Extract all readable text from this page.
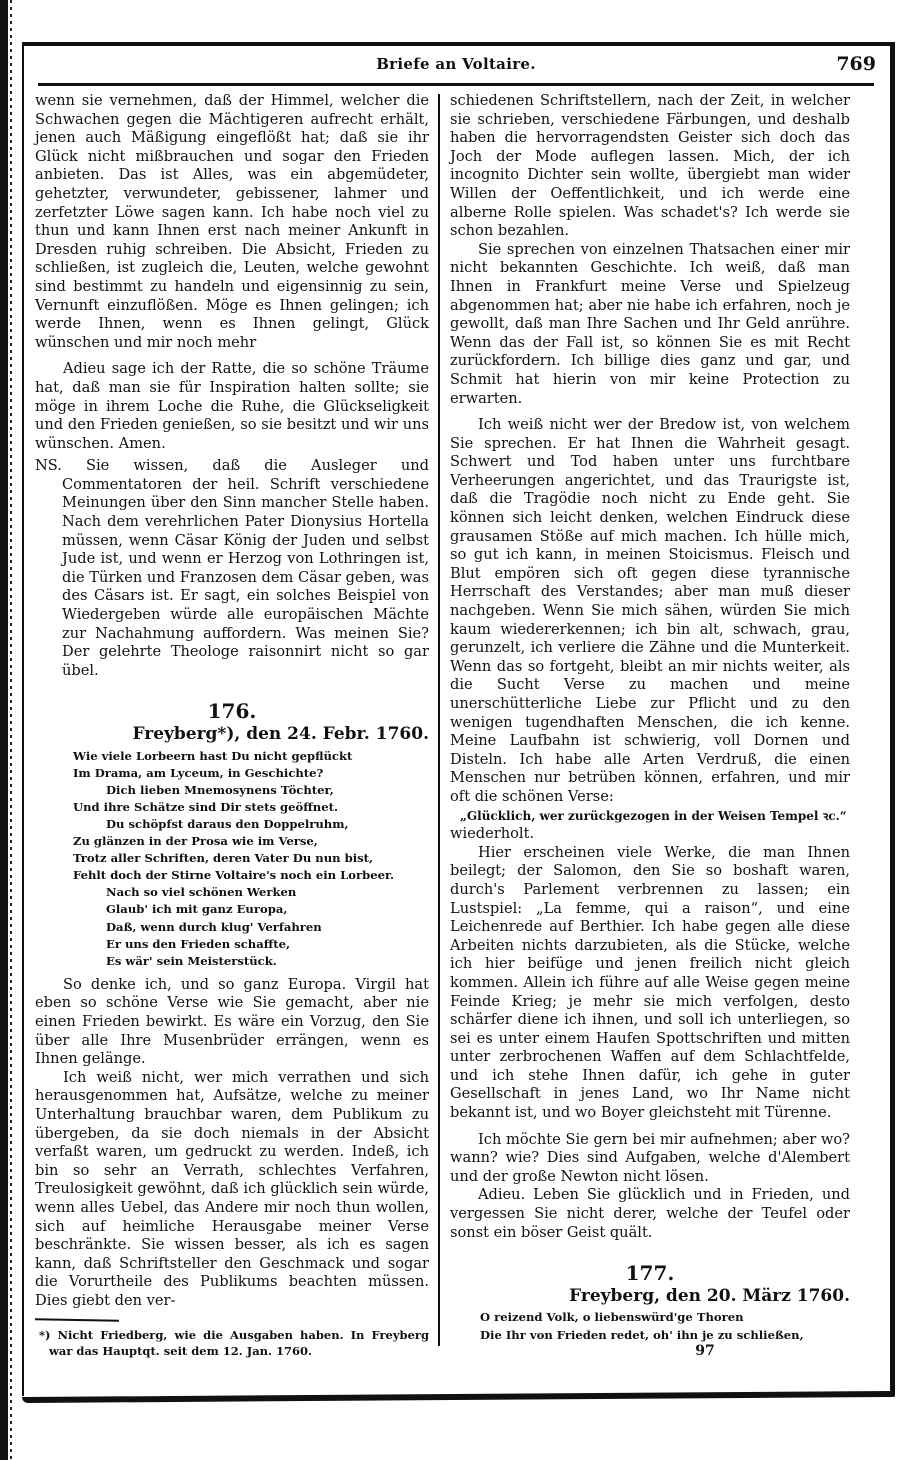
Briefe an Voltaire.	769

wenn sie vernehmen, daß der Himmel, welcher die Schwachen gegen die Mächtigeren aufrecht erhält, jenen auch Mäßigung eingeflößt hat; daß sie ihr Glück nicht mißbrauchen und sogar den Frieden anbieten. Das ist Alles, was ein abgemüdeter, gehetzter, verwundeter, gebissener, lahmer und zerfetzter Löwe sagen kann. Ich habe noch viel zu thun und kann Ihnen erst nach meiner Ankunft in Dresden ruhig schreiben. Die Absicht, Frieden zu schließen, ist zugleich die, Leuten, welche gewohnt sind bestimmt zu handeln und eigensinnig zu sein, Vernunft einzuflößen. Möge es Ihnen gelingen; ich werde Ihnen, wenn es Ihnen gelingt, Glück wünschen und mir noch mehr

Adieu sage ich der Ratte, die so schöne Träume hat, daß man sie für Inspiration halten sollte; sie möge in ihrem Loche die Ruhe, die Glückseligkeit und den Frieden genießen, so sie besitzt und wir uns wünschen. Amen.

NS. Sie wissen, daß die Ausleger und Commentatoren der heil. Schrift verschiedene Meinungen über den Sinn mancher Stelle haben. Nach dem verehrlichen Pater Dionysius Hortella müssen, wenn Cäsar König der Juden und selbst Jude ist, und wenn er Herzog von Lothringen ist, die Türken und Franzosen dem Cäsar geben, was des Cäsars ist. Er sagt, ein solches Beispiel von Wiedergeben würde alle europäischen Mächte zur Nachahmung auffordern. Was meinen Sie? Der gelehrte Theologe raisonnirt nicht so gar übel.

176.

Freyberg*), den 24. Febr. 1760.

Wie viele Lorbeern hast Du nicht gepflückt
Im Drama, am Lyceum, in Geschichte?
Dich lieben Mnemosynens Töchter,
Und ihre Schätze sind Dir stets geöffnet.
Du schöpfst daraus den Doppelruhm,
Zu glänzen in der Prosa wie im Verse,
Trotz aller Schriften, deren Vater Du nun bist,
Fehlt doch der Stirne Voltaire's noch ein Lorbeer.
Nach so viel schönen Werken
Glaub' ich mit ganz Europa,
Daß, wenn durch klug' Verfahren
Er uns den Frieden schaffte,
Es wär' sein Meisterstück.

So denke ich, und so ganz Europa. Virgil hat eben so schöne Verse wie Sie gemacht, aber nie einen Frieden bewirkt. Es wäre ein Vorzug, den Sie über alle Ihre Musenbrüder errängen, wenn es Ihnen gelänge.

Ich weiß nicht, wer mich verrathen und sich herausgenommen hat, Aufsätze, welche zu meiner Unterhaltung brauchbar waren, dem Publikum zu übergeben, da sie doch niemals in der Absicht verfaßt waren, um gedruckt zu werden. Indeß, ich bin so sehr an Verrath, schlechtes Verfahren, Treulosigkeit gewöhnt, daß ich glücklich sein würde, wenn alles Uebel, das Andere mir noch thun wollen, sich auf heimliche Herausgabe meiner Verse beschränkte. Sie wissen besser, als ich es sagen kann, daß Schriftsteller den Geschmack und sogar die Vorurtheile des Publikums beachten müssen. Dies giebt den ver-

*) Nicht Friedberg, wie die Ausgaben haben. In Freyberg war das Hauptqt. seit dem 12. Jan. 1760.

schiedenen Schriftstellern, nach der Zeit, in welcher sie schrieben, verschiedene Färbungen, und deshalb haben die hervorragendsten Geister sich doch das Joch der Mode auflegen lassen. Mich, der ich incognito Dichter sein wollte, übergiebt man wider Willen der Oeffentlichkeit, und ich werde eine alberne Rolle spielen. Was schadet's? Ich werde sie schon bezahlen.

Sie sprechen von einzelnen Thatsachen einer mir nicht bekannten Geschichte. Ich weiß, daß man Ihnen in Frankfurt meine Verse und Spielzeug abgenommen hat; aber nie habe ich erfahren, noch je gewollt, daß man Ihre Sachen und Ihr Geld anrühre. Wenn das der Fall ist, so können Sie es mit Recht zurückfordern. Ich billige dies ganz und gar, und Schmit hat hierin von mir keine Protection zu erwarten.

Ich weiß nicht wer der Bredow ist, von welchem Sie sprechen. Er hat Ihnen die Wahrheit gesagt. Schwert und Tod haben unter uns furchtbare Verheerungen angerichtet, und das Traurigste ist, daß die Tragödie noch nicht zu Ende geht. Sie können sich leicht denken, welchen Eindruck diese grausamen Stöße auf mich machen. Ich hülle mich, so gut ich kann, in meinen Stoicismus. Fleisch und Blut empören sich oft gegen diese tyrannische Herrschaft des Verstandes; aber man muß dieser nachgeben. Wenn Sie mich sähen, würden Sie mich kaum wiedererkennen; ich bin alt, schwach, grau, gerunzelt, ich verliere die Zähne und die Munterkeit. Wenn das so fortgeht, bleibt an mir nichts weiter, als die Sucht Verse zu machen und meine unerschütterliche Liebe zur Pflicht und zu den wenigen tugendhaften Menschen, die ich kenne. Meine Laufbahn ist schwierig, voll Dornen und Disteln. Ich habe alle Arten Verdruß, die einen Menschen nur betrüben können, erfahren, und mir oft die schönen Verse:

„Glücklich, wer zurückgezogen in der Weisen Tempel ꝛc.“

wiederholt.

Hier erscheinen viele Werke, die man Ihnen beilegt; der Salomon, den Sie so boshaft waren, durch's Parlement verbrennen zu lassen; ein Lustspiel: „La femme, qui a raison“, und eine Leichenrede auf Berthier. Ich habe gegen alle diese Arbeiten nichts darzubieten, als die Stücke, welche ich hier beifüge und jenen freilich nicht gleich kommen. Allein ich führe auf alle Weise gegen meine Feinde Krieg; je mehr sie mich verfolgen, desto schärfer diene ich ihnen, und soll ich unterliegen, so sei es unter einem Haufen Spottschriften und mitten unter zerbrochenen Waffen auf dem Schlachtfelde, und ich stehe Ihnen dafür, ich gehe in guter Gesellschaft in jenes Land, wo Ihr Name nicht bekannt ist, und wo Boyer gleichsteht mit Türenne.

Ich möchte Sie gern bei mir aufnehmen; aber wo? wann? wie? Dies sind Aufgaben, welche d'Alembert und der große Newton nicht lösen.

Adieu. Leben Sie glücklich und in Frieden, und vergessen Sie nicht derer, welche der Teufel oder sonst ein böser Geist quält.

177.

Freyberg, den 20. März 1760.

O reizend Volk, o liebenswürd'ge Thoren
Die Ihr von Frieden redet, oh' ihn je zu schließen,

97
